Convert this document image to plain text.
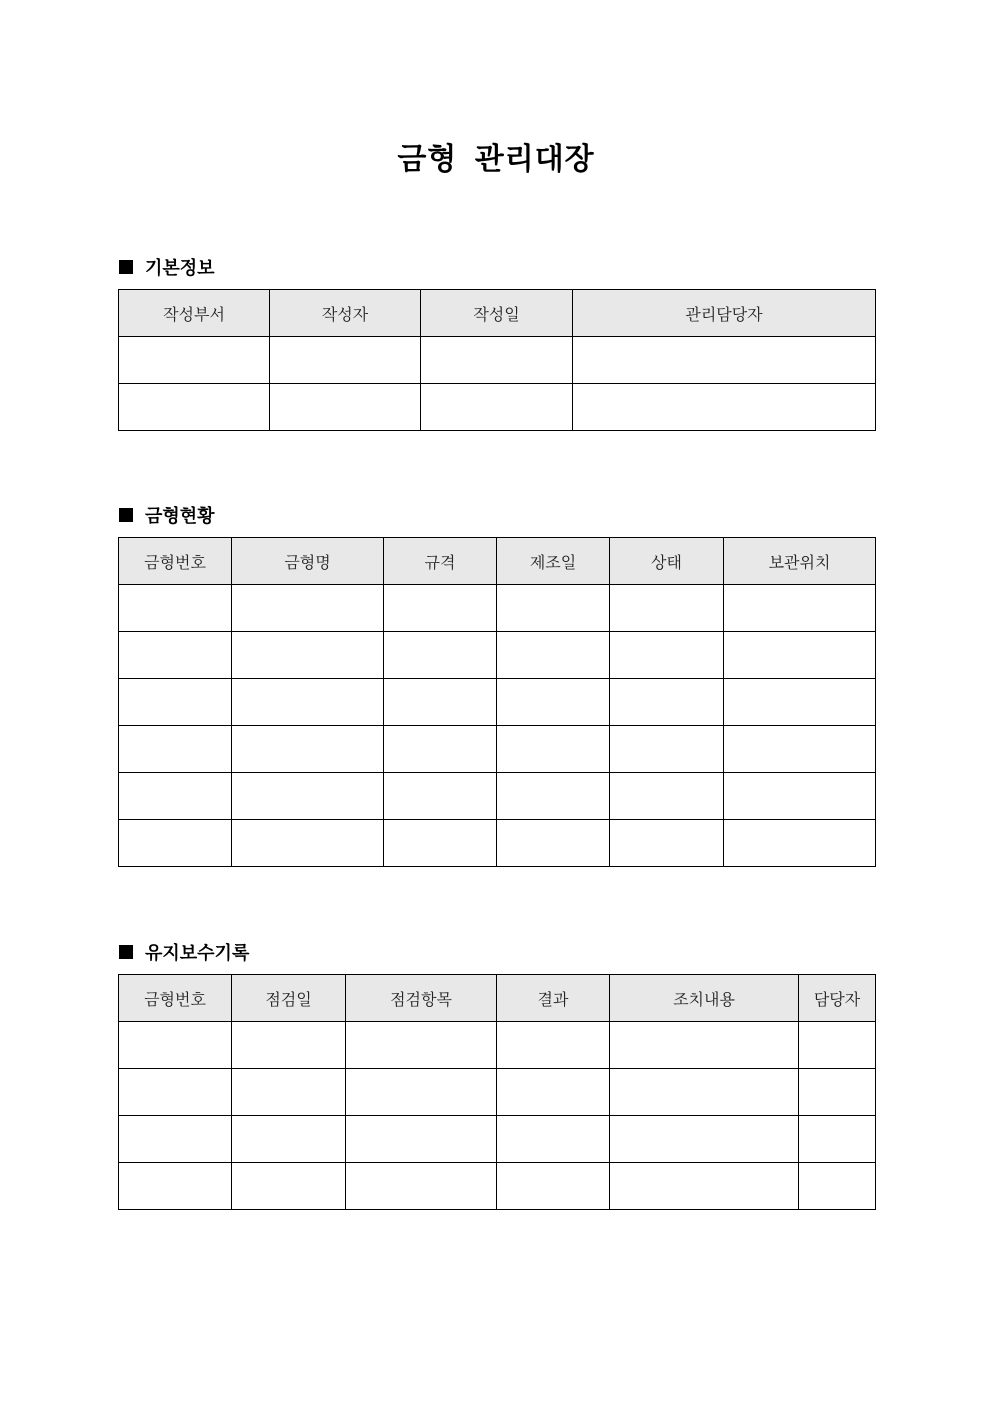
금형 관리대장
기본정보
작성부서	작성자	작성일	관리담당자

금형현황
금형번호	금형명	규격	제조일	상태	보관위치

유지보수기록
금형번호	점검일	점검항목	결과	조치내용	담당자
